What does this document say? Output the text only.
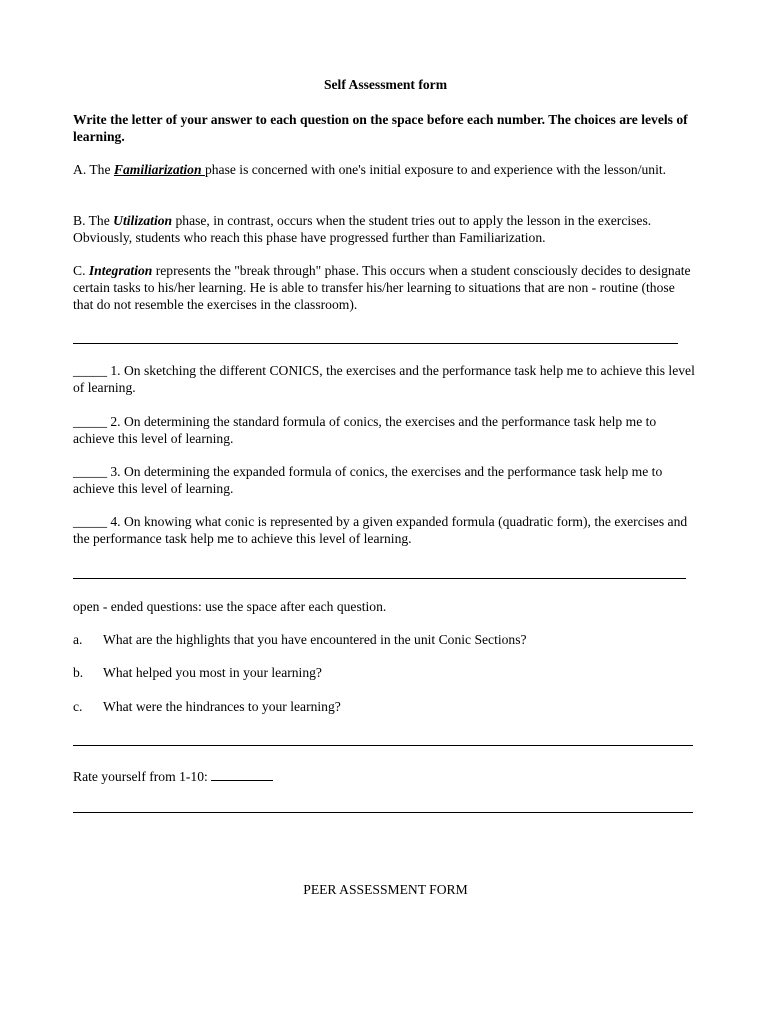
Self Assessment form
Write the letter of your answer to each question on the space before each number. The choices are levels of learning.
A. The Familiarization phase is concerned with one's initial exposure to and experience with the lesson/unit.
B. The Utilization phase, in contrast, occurs when the student tries out to apply the lesson in the exercises. Obviously, students who reach this phase have progressed further than Familiarization.
C. Integration represents the "break through" phase. This occurs when a student consciously decides to designate certain tasks to his/her learning. He is able to transfer his/her learning to situations that are non - routine (those that do not resemble the exercises in the classroom).
_____ 1. On sketching the different CONICS, the exercises and the performance task help me to achieve this level of learning.
_____ 2. On determining the standard formula of conics, the exercises and the performance task help me to achieve this level of learning.
_____ 3. On determining the expanded formula of conics, the exercises and the performance task help me to achieve this level of learning.
_____ 4. On knowing what conic is represented by a given expanded formula (quadratic form), the exercises and the performance task help me to achieve this level of learning.
open - ended questions: use the space after each question.
a. What are the highlights that you have encountered in the unit Conic Sections?
b. What helped you most in your learning?
c. What were the hindrances to your learning?
Rate yourself from 1-10:
PEER ASSESSMENT FORM
